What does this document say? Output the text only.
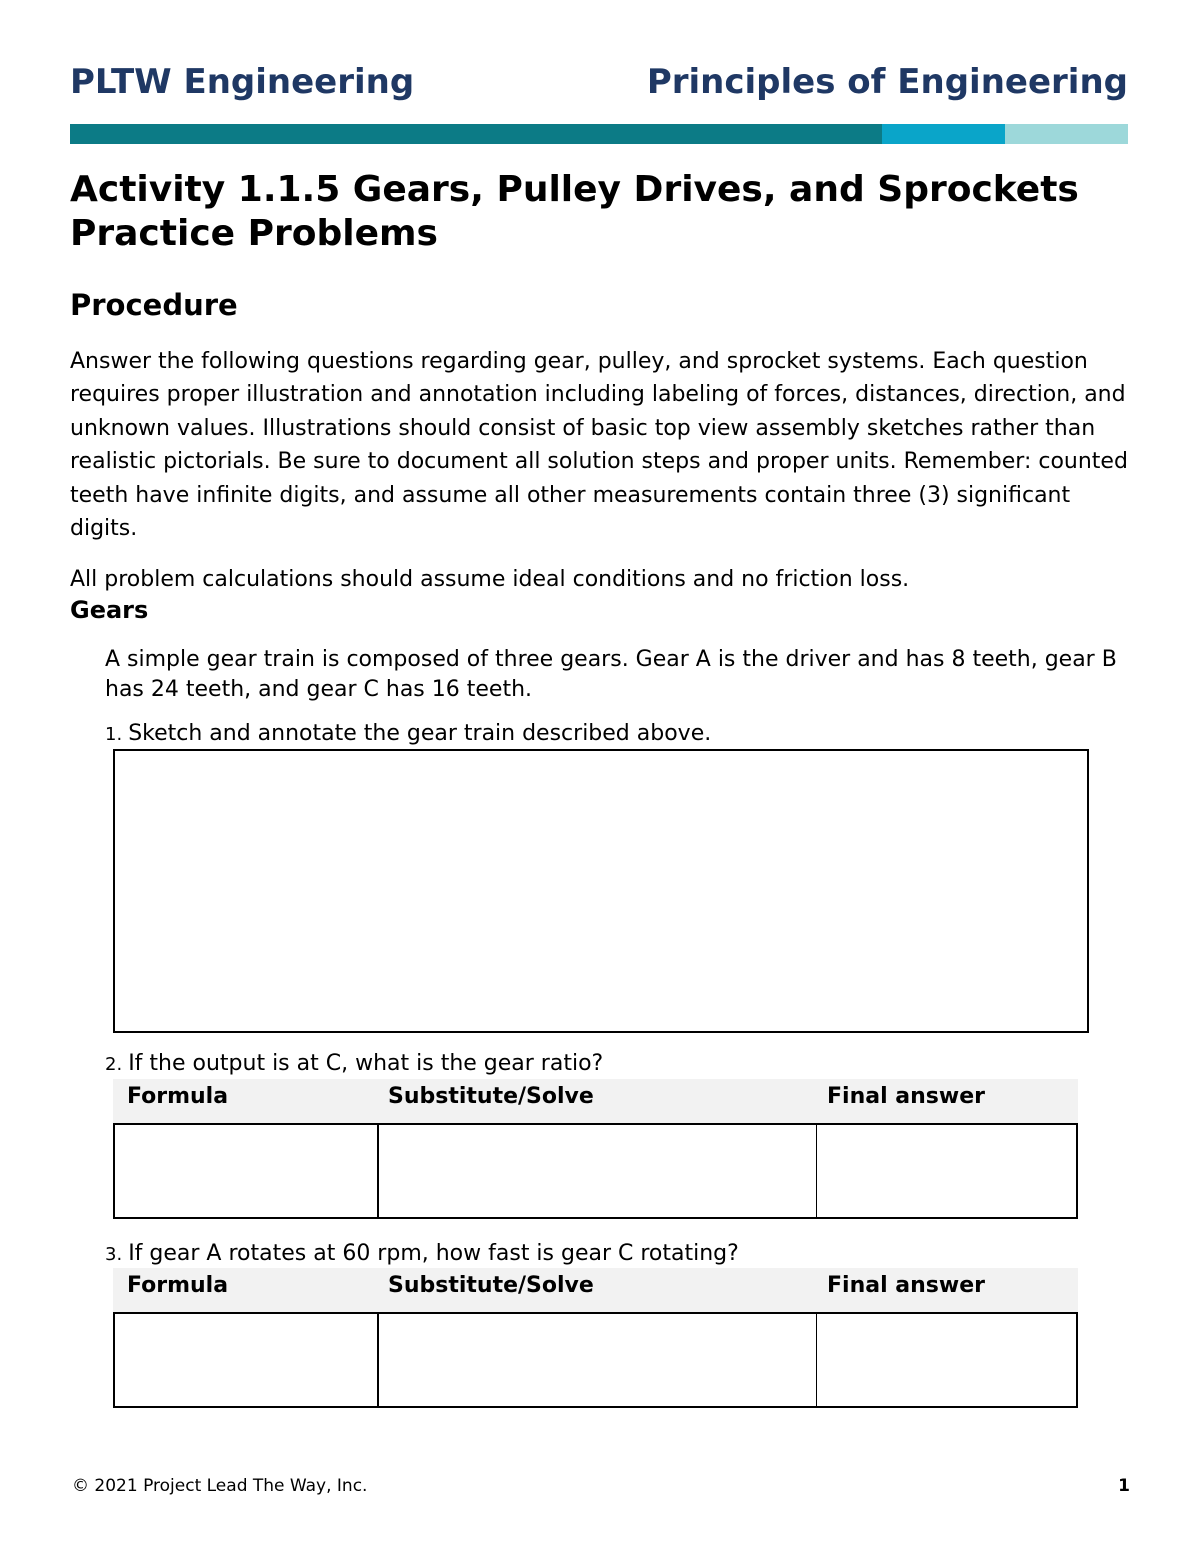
PLTW Engineering	Principles of Engineering
Activity 1.1.5 Gears, Pulley Drives, and Sprockets Practice Problems
Procedure

Answer the following questions regarding gear, pulley, and sprocket systems. Each question requires proper illustration and annotation including labeling of forces, distances, direction, and unknown values. Illustrations should consist of basic top view assembly sketches rather than realistic pictorials. Be sure to document all solution steps and proper units. Remember: counted teeth have infinite digits, and assume all other measurements contain three (3) significant digits.

All problem calculations should assume ideal conditions and no friction loss.

Gears

A simple gear train is composed of three gears. Gear A is the driver and has 8 teeth, gear B has 24 teeth, and gear C has 16 teeth.

1. Sketch and annotate the gear train described above.

2. If the output is at C, what is the gear ratio?

Formula	Substitute/Solve	Final answer

3. If gear A rotates at 60 rpm, how fast is gear C rotating?

Formula	Substitute/Solve	Final answer
© 2021 Project Lead The Way, Inc.	1
